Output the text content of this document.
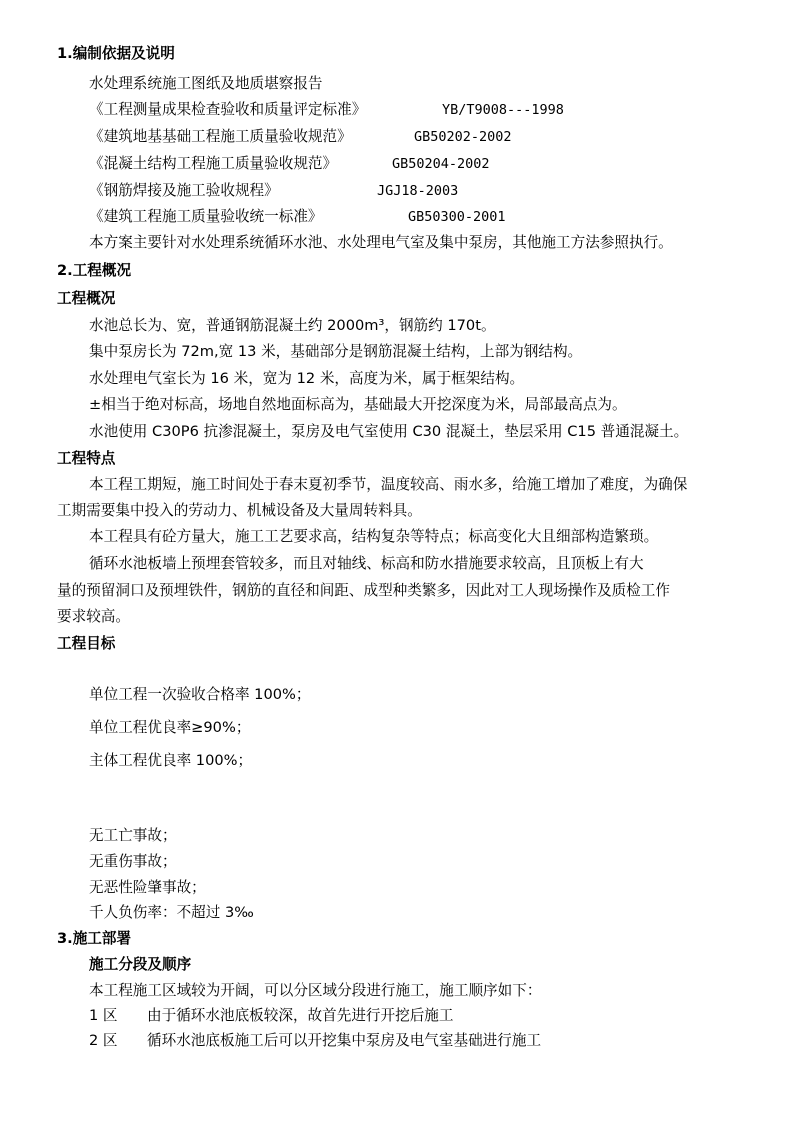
1.编制依据及说明
水处理系统施工图纸及地质堪察报告
《工程测量成果检查验收和质量评定标准》	YB/T9008---1998
《建筑地基基础工程施工质量验收规范》	GB50202-2002
《混凝土结构工程施工质量验收规范》	GB50204-2002
《钢筋焊接及施工验收规程》	JGJ18-2003
《建筑工程施工质量验收统一标准》	GB50300-2001
本方案主要针对水处理系统循环水池、水处理电气室及集中泵房，其他施工方法参照执行。
2.工程概况
工程概况
水池总长为、宽，普通钢筋混凝土约 2000m³，钢筋约 170t。
集中泵房长为 72m,宽 13 米，基础部分是钢筋混凝土结构，上部为钢结构。
水处理电气室长为 16 米，宽为 12 米，高度为米，属于框架结构。
±相当于绝对标高，场地自然地面标高为，基础最大开挖深度为米，局部最高点为。
水池使用 C30P6 抗渗混凝土，泵房及电气室使用 C30 混凝土，垫层采用 C15 普通混凝土。
工程特点
本工程工期短，施工时间处于春末夏初季节，温度较高、雨水多，给施工增加了难度，为确保
工期需要集中投入的劳动力、机械设备及大量周转料具。
本工程具有砼方量大，施工工艺要求高，结构复杂等特点；标高变化大且细部构造繁琐。
循环水池板墙上预埋套管较多，而且对轴线、标高和防水措施要求较高，且顶板上有大
量的预留洞口及预埋铁件，钢筋的直径和间距、成型种类繁多，因此对工人现场操作及质检工作
要求较高。
工程目标
单位工程一次验收合格率 100%；
单位工程优良率≥90%；
主体工程优良率 100%；
无工亡事故；
无重伤事故；
无恶性险肇事故；
千人负伤率：不超过 3‰
3.施工部署
施工分段及顺序
本工程施工区域较为开阔，可以分区域分段进行施工，施工顺序如下：
1 区 由于循环水池底板较深，故首先进行开挖后施工
2 区 循环水池底板施工后可以开挖集中泵房及电气室基础进行施工
